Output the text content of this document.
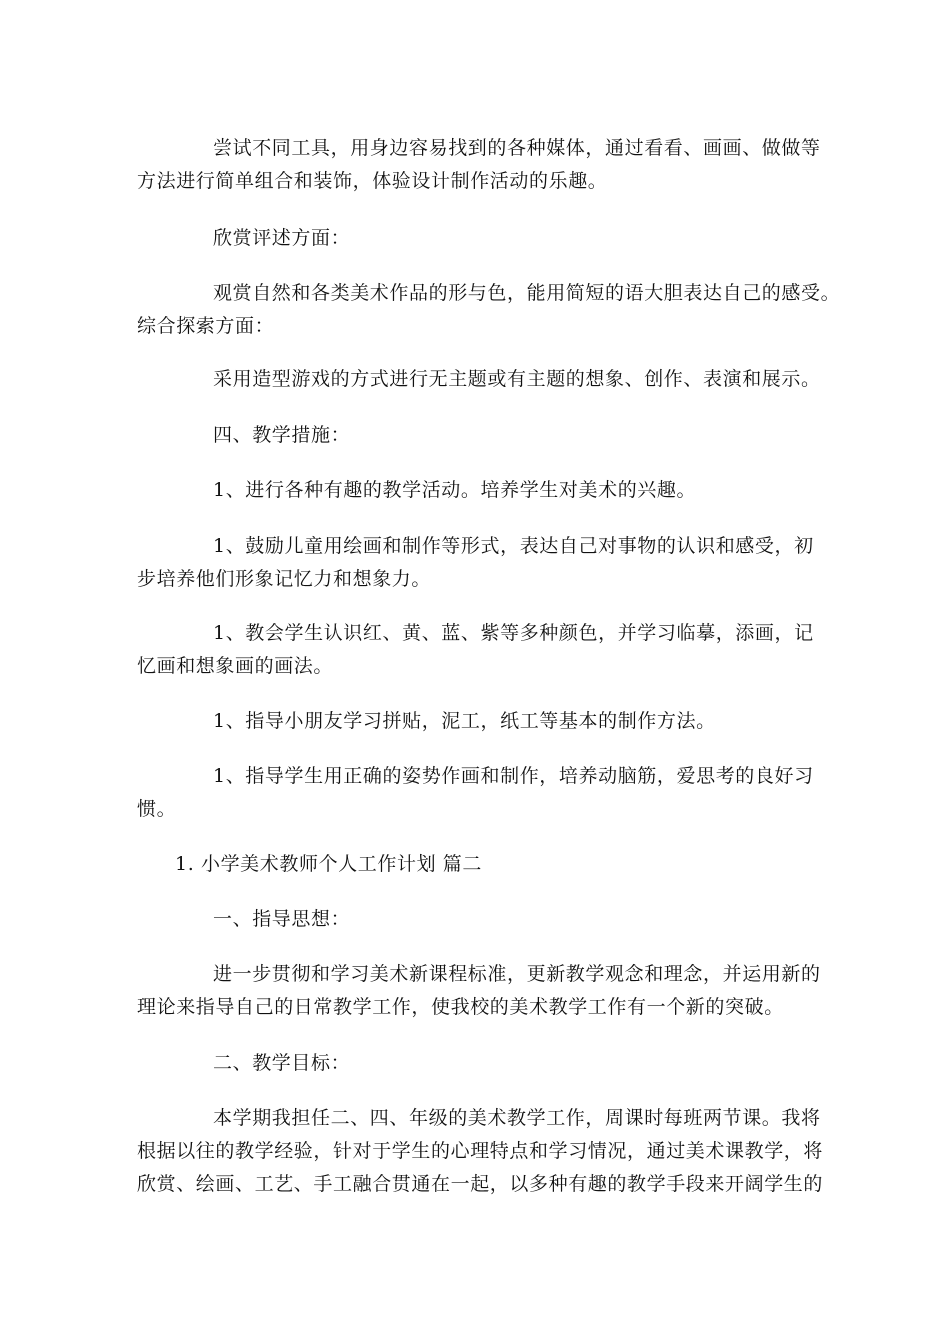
尝试不同工具，用身边容易找到的各种媒体，通过看看、画画、做做等
方法进行简单组合和装饰，体验设计制作活动的乐趣。
欣赏评述方面：
观赏自然和各类美术作品的形与色，能用简短的语大胆表达自己的感受。
综合探索方面：
采用造型游戏的方式进行无主题或有主题的想象、创作、表演和展示。
四、教学措施：
1、进行各种有趣的教学活动。培养学生对美术的兴趣。
1、鼓励儿童用绘画和制作等形式，表达自己对事物的认识和感受，初
步培养他们形象记忆力和想象力。
1、教会学生认识红、黄、蓝、紫等多种颜色，并学习临摹，添画，记
忆画和想象画的画法。
1、指导小朋友学习拼贴，泥工，纸工等基本的制作方法。
1、指导学生用正确的姿势作画和制作，培养动脑筋，爱思考的良好习
惯。
1. 小学美术教师个人工作计划 篇二
一、指导思想：
进一步贯彻和学习美术新课程标准，更新教学观念和理念，并运用新的
理论来指导自己的日常教学工作，使我校的美术教学工作有一个新的突破。
二、教学目标：
本学期我担任二、四、年级的美术教学工作，周课时每班两节课。我将
根据以往的教学经验，针对于学生的心理特点和学习情况，通过美术课教学，将
欣赏、绘画、工艺、手工融合贯通在一起，以多种有趣的教学手段来开阔学生的
